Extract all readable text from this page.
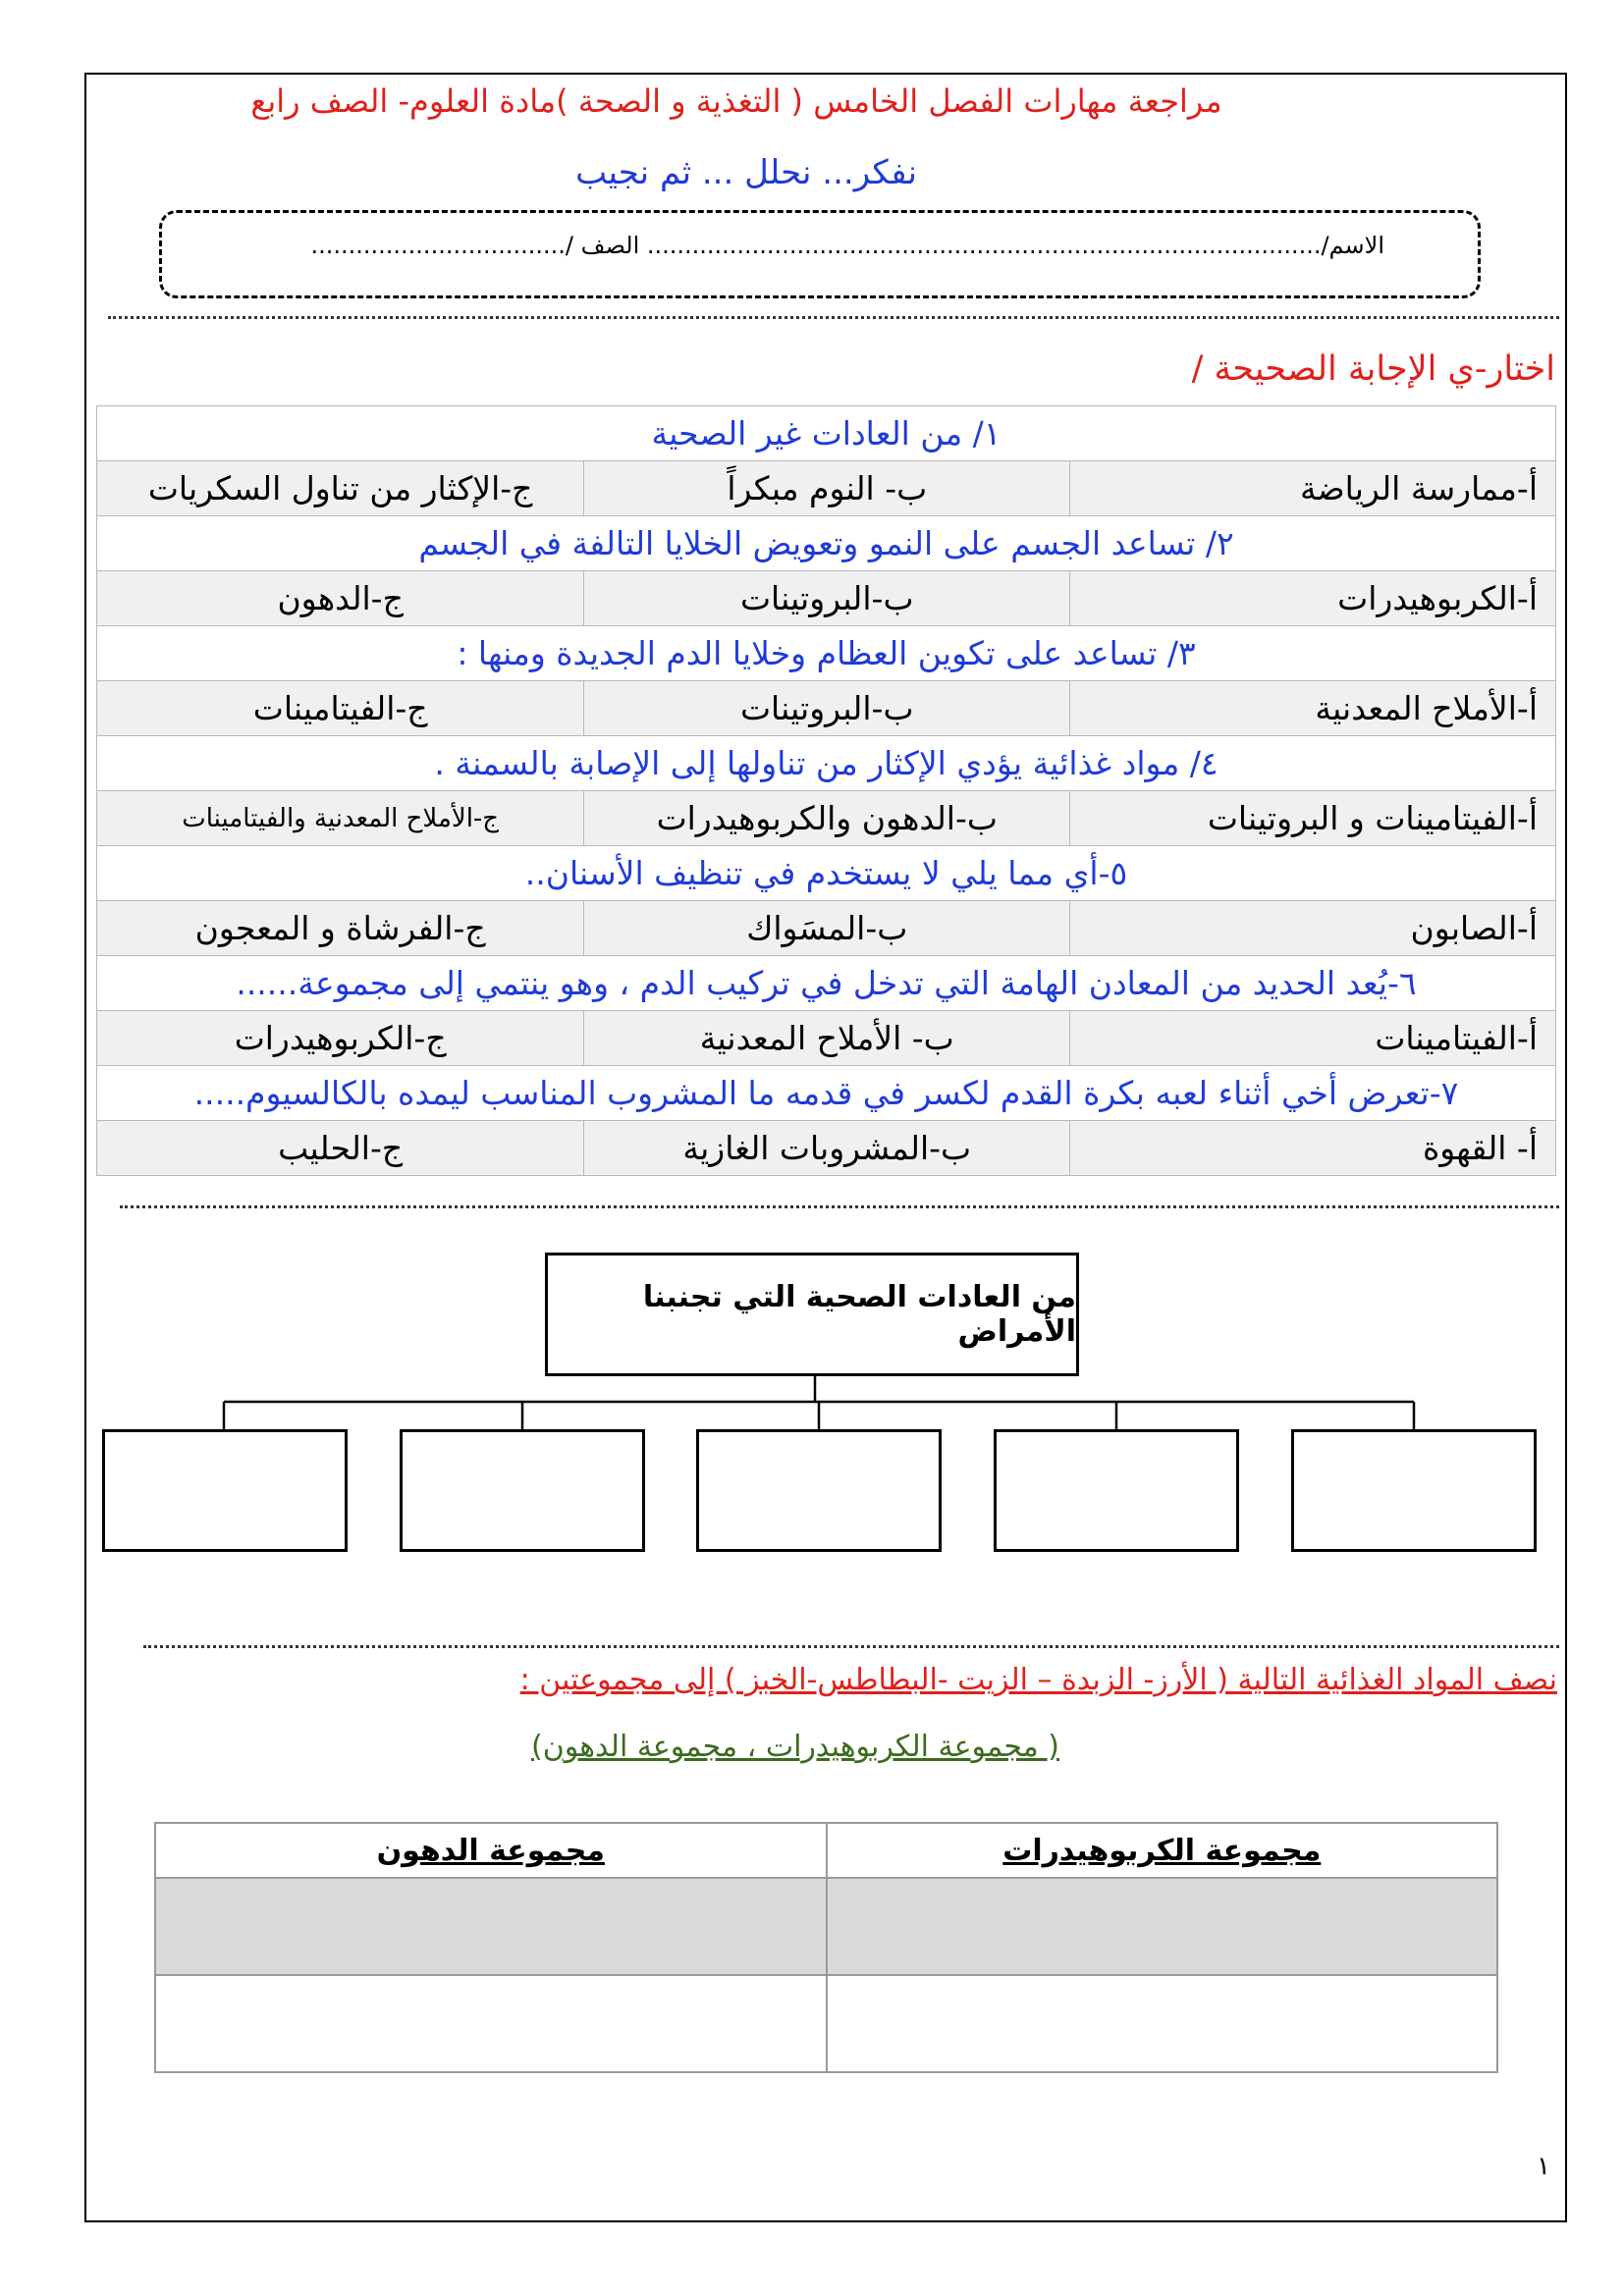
مراجعة مهارات الفصل الخامس ( التغذية و الصحة )مادة العلوم- الصف رابع
نفكر... نحلل ... ثم نجيب
الاسم/.......................................................................................... الصف /..................................
اختار-ي الإجابة الصحيحة /
١/ من العادات غير الصحية		
أ-ممارسة الرياضة	ب- النوم مبكراً	ج-الإكثار من تناول السكريات
٢/ تساعد الجسم على النمو وتعويض الخلايا التالفة في الجسم		
أ-الكربوهيدرات	ب-البروتينات	ج-الدهون
٣/ تساعد على تكوين العظام وخلايا الدم الجديدة ومنها :		
أ-الأملاح المعدنية	ب-البروتينات	ج-الفيتامينات
٤/ مواد غذائية يؤدي الإكثار من تناولها إلى الإصابة بالسمنة .		
أ-الفيتامينات و البروتينات	ب-الدهون والكربوهيدرات	ج-الأملاح المعدنية والفيتامينات
٥-أي مما يلي لا يستخدم في تنظيف الأسنان..		
أ-الصابون	ب-المسَواك	ج-الفرشاة و المعجون
٦-يُعد الحديد من المعادن الهامة التي تدخل في تركيب الدم ، وهو ينتمي إلى مجموعة......		
أ-الفيتامينات	ب- الأملاح المعدنية	ج-الكربوهيدرات
٧-تعرض أخي أثناء لعبه بكرة القدم لكسر في قدمه ما المشروب المناسب ليمده بالكالسيوم.....		
أ- القهوة	ب-المشروبات الغازية	ج-الحليب
من العادات الصحية التي تجنبنا الأمراض
نصف المواد الغذائية التالية ( الأرز- الزبدة – الزيت -البطاطس-الخبز ) إلى مجموعتين :
( مجموعة الكربوهيدرات ، مجموعة الدهون)
مجموعة الكربوهيدرات	مجموعة الدهون

١
